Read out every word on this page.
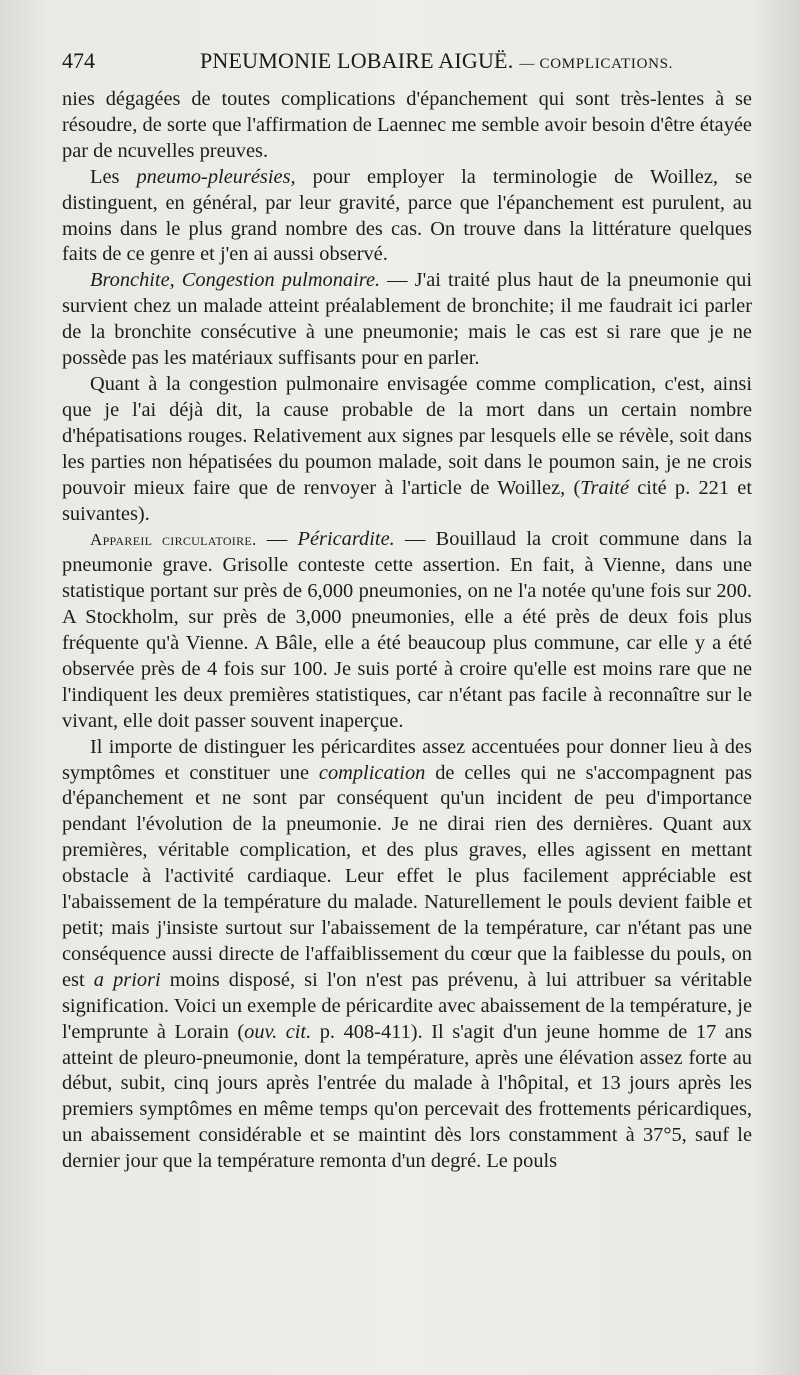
474	PNEUMONIE LOBAIRE AIGUË. — COMPLICATIONS.

nies dégagées de toutes complications d'épanchement qui sont très-lentes à se résoudre, de sorte que l'affirmation de Laennec me semble avoir besoin d'être étayée par de ncuvelles preuves.

Les pneumo-pleurésies, pour employer la terminologie de Woillez, se distinguent, en général, par leur gravité, parce que l'épanchement est purulent, au moins dans le plus grand nombre des cas. On trouve dans la littérature quelques faits de ce genre et j'en ai aussi observé.

Bronchite, Congestion pulmonaire. — J'ai traité plus haut de la pneumonie qui survient chez un malade atteint préalablement de bronchite; il me faudrait ici parler de la bronchite consécutive à une pneumonie; mais le cas est si rare que je ne possède pas les matériaux suffisants pour en parler.

Quant à la congestion pulmonaire envisagée comme complication, c'est, ainsi que je l'ai déjà dit, la cause probable de la mort dans un certain nombre d'hépatisations rouges. Relativement aux signes par lesquels elle se révèle, soit dans les parties non hépatisées du poumon malade, soit dans le poumon sain, je ne crois pouvoir mieux faire que de renvoyer à l'article de Woillez, (Traité cité p. 221 et suivantes).

Appareil circulatoire. — Péricardite. — Bouillaud la croit commune dans la pneumonie grave. Grisolle conteste cette assertion. En fait, à Vienne, dans une statistique portant sur près de 6,000 pneumonies, on ne l'a notée qu'une fois sur 200. A Stockholm, sur près de 3,000 pneumonies, elle a été près de deux fois plus fréquente qu'à Vienne. A Bâle, elle a été beaucoup plus commune, car elle y a été observée près de 4 fois sur 100. Je suis porté à croire qu'elle est moins rare que ne l'indiquent les deux premières statistiques, car n'étant pas facile à reconnaître sur le vivant, elle doit passer souvent inaperçue.

Il importe de distinguer les péricardites assez accentuées pour donner lieu à des symptômes et constituer une complication de celles qui ne s'accompagnent pas d'épanchement et ne sont par conséquent qu'un incident de peu d'importance pendant l'évolution de la pneumonie. Je ne dirai rien des dernières. Quant aux premières, véritable complication, et des plus graves, elles agissent en mettant obstacle à l'activité cardiaque. Leur effet le plus facilement appréciable est l'abaissement de la température du malade. Naturellement le pouls devient faible et petit; mais j'insiste surtout sur l'abaissement de la température, car n'étant pas une conséquence aussi directe de l'affaiblissement du cœur que la faiblesse du pouls, on est a priori moins disposé, si l'on n'est pas prévenu, à lui attribuer sa véritable signification. Voici un exemple de péricardite avec abaissement de la température, je l'emprunte à Lorain (ouv. cit. p. 408-411). Il s'agit d'un jeune homme de 17 ans atteint de pleuro-pneumonie, dont la température, après une élévation assez forte au début, subit, cinq jours après l'entrée du malade à l'hôpital, et 13 jours après les premiers symptômes en même temps qu'on percevait des frottements péricardiques, un abaissement considérable et se maintint dès lors constamment à 37°5, sauf le dernier jour que la température remonta d'un degré. Le pouls
